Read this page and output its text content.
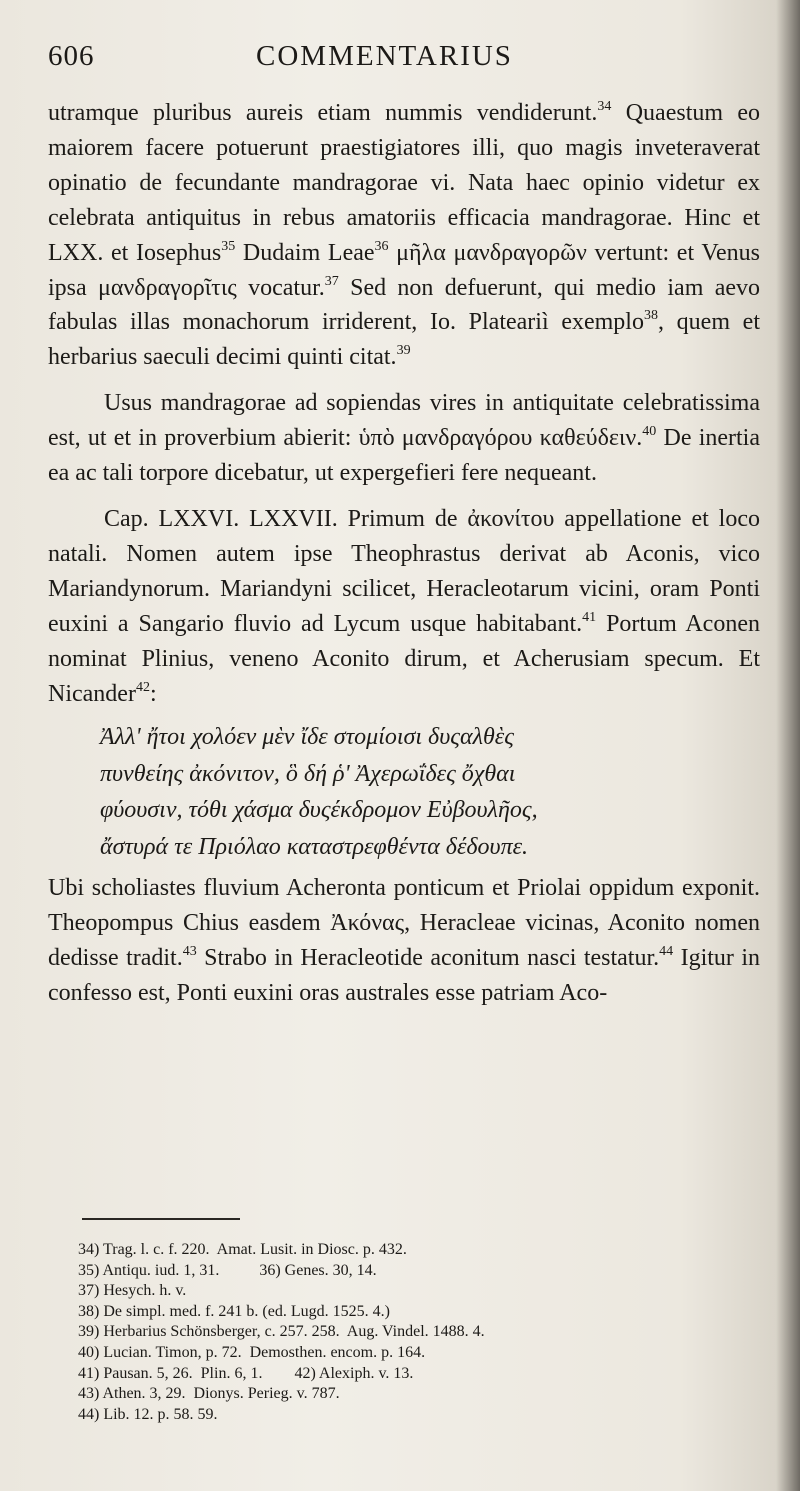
606	COMMENTARIUS

utramque pluribus aureis etiam nummis vendiderunt.$^{34}$ Quaestum eo maiorem facere potuerunt praestigiatores illi, quo magis inveteraverat opinatio de fecundante mandragorae vi. Nata haec opinio videtur ex celebrata antiquitus in rebus amatoriis efficacia mandragorae. Hinc et LXX. et Iosephus$^{35}$ Dudaim Leae$^{36}$ μῆλα μανδραγορῶν vertunt: et Venus ipsa μανδραγορῖτις vocatur.$^{37}$ Sed non defuerunt, qui medio iam aevo fabulas illas monachorum irriderent, Io. Plateariì exemplo$^{38}$, quem et herbarius saeculi decimi quinti citat.$^{39}$

Usus mandragorae ad sopiendas vires in antiquitate celebratissima est, ut et in proverbium abierit: ὑπὸ μανδραγόρου καθεύδειν.$^{40}$ De inertia ea ac tali torpore dicebatur, ut expergefieri fere nequeant.

Cap. LXXVI. LXXVII. Primum de ἀκονίτου appellatione et loco natali. Nomen autem ipse Theophrastus derivat ab Aconis, vico Mariandynorum. Mariandyni scilicet, Heracleotarum vicini, oram Ponti euxini a Sangario fluvio ad Lycum usque habitabant.$^{41}$ Portum Aconen nominat Plinius, veneno Aconito dirum, et Acherusiam specum. Et Nicander$^{42}$:

Ἀλλ' ἤτοι χολόεν μὲν ἴδε στομίοισι δυςαλθὲς
πυνθείης ἀκόνιτον, ὃ δή ῥ' Ἀχερωΐδες ὄχθαι
φύουσιν, τόθι χάσμα δυςέκδρομον Εὐβουλῆος,
ἄστυρά τε Πριόλαο καταστρεφθέντα δέδουπε.

Ubi scholiastes fluvium Acheronta ponticum et Priolai oppidum exponit. Theopompus Chius easdem Ἀκόνας, Heracleae vicinas, Aconito nomen dedisse tradit.$^{43}$ Strabo in Heracleotide aconitum nasci testatur.$^{44}$ Igitur in confesso est, Ponti euxini oras australes esse patriam Aco-

34) Trag. l. c. f. 220.  Amat. Lusit. in Diosc. p. 432.
35) Antiqu. iud. 1, 31.          36) Genes. 30, 14.
37) Hesych. h. v.
38) De simpl. med. f. 241 b. (ed. Lugd. 1525. 4.)
39) Herbarius Schönsberger, c. 257. 258.  Aug. Vindel. 1488. 4.
40) Lucian. Timon, p. 72.  Demosthen. encom. p. 164.
41) Pausan. 5, 26.  Plin. 6, 1.        42) Alexiph. v. 13.
43) Athen. 3, 29.  Dionys. Perieg. v. 787.
44) Lib. 12. p. 58. 59.
